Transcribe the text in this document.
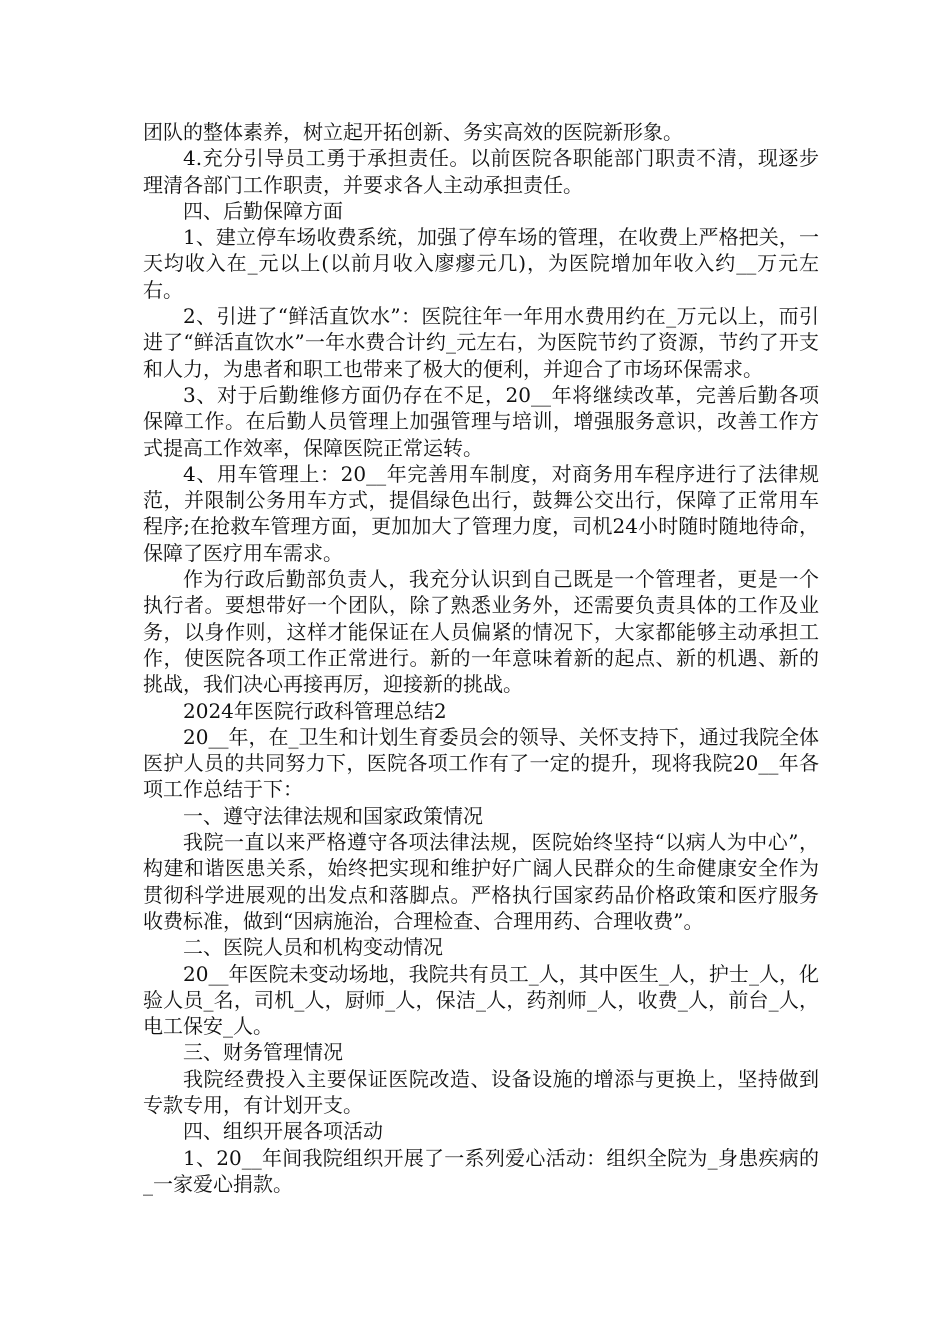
团队的整体素养，树立起开拓创新、务实高效的医院新形象。

4.充分引导员工勇于承担责任。以前医院各职能部门职责不清，现逐步理清各部门工作职责，并要求各人主动承担责任。

四、后勤保障方面

1、建立停车场收费系统，加强了停车场的管理，在收费上严格把关，一天均收入在_元以上(以前月收入廖瘳元几)，为医院增加年收入约__万元左右。

2、引进了“鲜活直饮水”：医院往年一年用水费用约在_万元以上，而引进了“鲜活直饮水”一年水费合计约_元左右，为医院节约了资源，节约了开支和人力，为患者和职工也带来了极大的便利，并迎合了市场环保需求。

3、对于后勤维修方面仍存在不足，20__年将继续改革，完善后勤各项保障工作。在后勤人员管理上加强管理与培训，增强服务意识，改善工作方式提高工作效率，保障医院正常运转。

4、用车管理上：20__年完善用车制度，对商务用车程序进行了法律规范，并限制公务用车方式，提倡绿色出行，鼓舞公交出行，保障了正常用车程序;在抢救车管理方面，更加加大了管理力度，司机24小时随时随地待命，保障了医疗用车需求。

作为行政后勤部负责人，我充分认识到自己既是一个管理者，更是一个执行者。要想带好一个团队，除了熟悉业务外，还需要负责具体的工作及业务，以身作则，这样才能保证在人员偏紧的情况下，大家都能够主动承担工作，使医院各项工作正常进行。新的一年意味着新的起点、新的机遇、新的挑战，我们决心再接再厉，迎接新的挑战。

2024年医院行政科管理总结2

20__年，在_卫生和计划生育委员会的领导、关怀支持下，通过我院全体医护人员的共同努力下，医院各项工作有了一定的提升，现将我院20__年各项工作总结于下：

一、遵守法律法规和国家政策情况

我院一直以来严格遵守各项法律法规，医院始终坚持“以病人为中心”，构建和谐医患关系，始终把实现和维护好广阔人民群众的生命健康安全作为贯彻科学进展观的出发点和落脚点。严格执行国家药品价格政策和医疗服务收费标准，做到“因病施治，合理检查、合理用药、合理收费”。

二、医院人员和机构变动情况

20__年医院未变动场地，我院共有员工_人，其中医生_人，护士_人，化验人员_名，司机_人，厨师_人，保洁_人，药剂师_人，收费_人，前台_人，电工保安_人。

三、财务管理情况

我院经费投入主要保证医院改造、设备设施的增添与更换上，坚持做到专款专用，有计划开支。

四、组织开展各项活动

1、20__年间我院组织开展了一系列爱心活动：组织全院为_身患疾病的_一家爱心捐款。
